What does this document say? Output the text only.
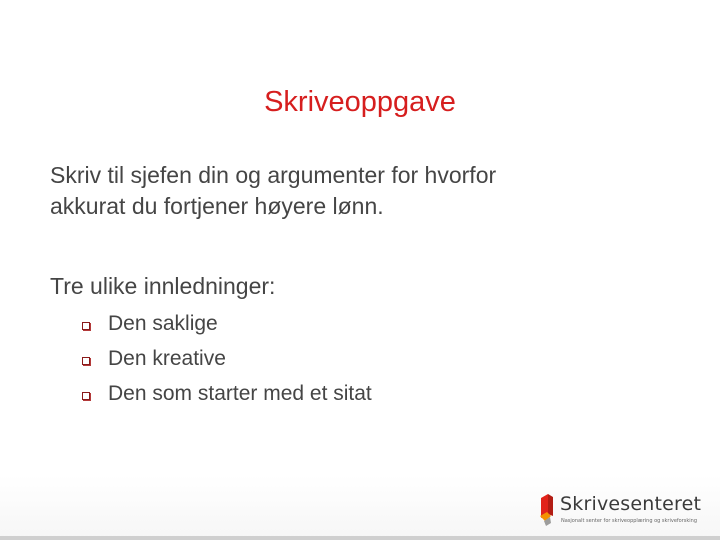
Skriveoppgave
Skriv til sjefen din og argumenter for hvorfor
akkurat du fortjener høyere lønn.
Tre ulike innledninger:
Den saklige
Den kreative
Den som starter med et sitat
Skrivesenteret
Nasjonalt senter for skriveopplæring og skriveforsking
